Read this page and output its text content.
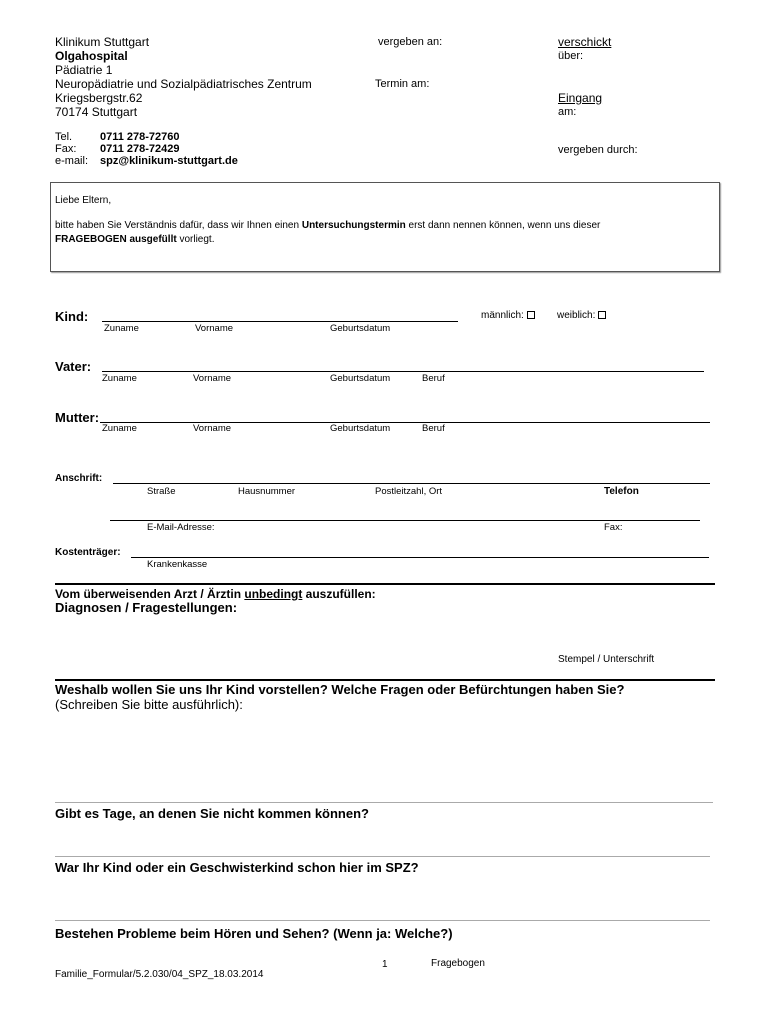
Klinikum Stuttgart
Olgahospital
Pädiatrie 1
Neuropädiatrie und Sozialpädiatrisches Zentrum
Kriegsbergstr.62
70174 Stuttgart
Tel.	0711 278-72760
Fax: 0711 278-72429
e-mail: spz@klinikum-stuttgart.de
vergeben an:
Termin am:
verschickt
über:
Eingang
am:
vergeben durch:
Liebe Eltern,
bitte haben Sie Verständnis dafür, dass wir Ihnen einen Untersuchungstermin erst dann nennen können, wenn uns dieser
FRAGEBOGEN ausgefüllt vorliegt.
Kind:	männlich:	weiblich:
Zuname	Vorname	Geburtsdatum
Vater:
Zuname	Vorname	Geburtsdatum	Beruf
Mutter:
Zuname	Vorname	Geburtsdatum	Beruf
Anschrift:
Straße	Hausnummer	Postleitzahl, Ort	Telefon
E-Mail-Adresse:	Fax:
Kostenträger:
Krankenkasse
Vom überweisenden Arzt / Ärztin unbedingt auszufüllen:
Diagnosen / Fragestellungen:
Stempel / Unterschrift
Weshalb wollen Sie uns Ihr Kind vorstellen? Welche Fragen oder Befürchtungen haben Sie?
(Schreiben Sie bitte ausführlich):
Gibt es Tage, an denen Sie nicht kommen können?
War Ihr Kind oder ein Geschwisterkind schon hier im SPZ?
Bestehen Probleme beim Hören und Sehen? (Wenn ja: Welche?)
1	Fragebogen
Familie_Formular/5.2.030/04_SPZ_18.03.2014
